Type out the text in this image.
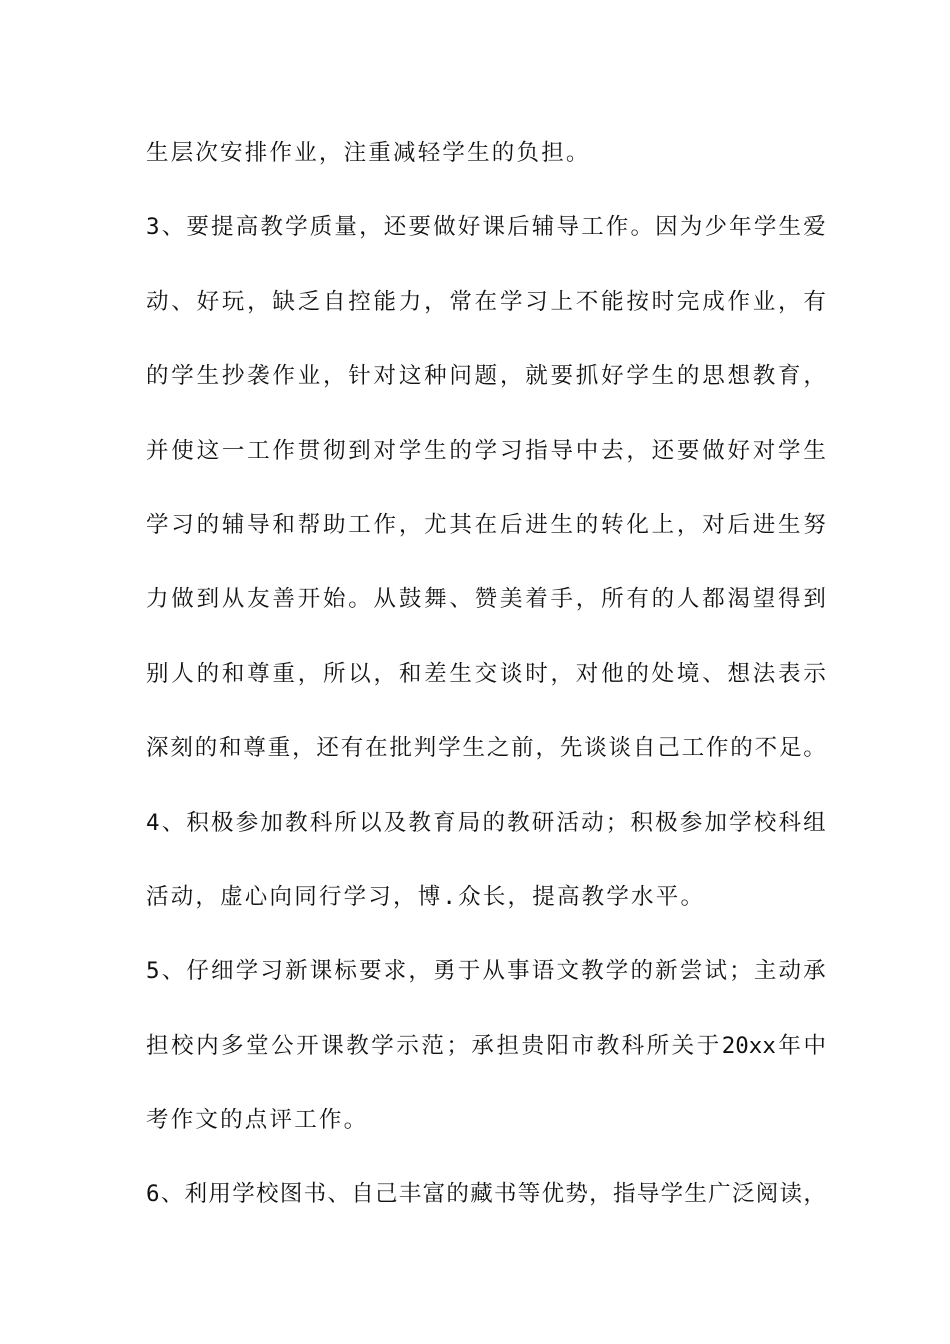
生层次安排作业，注重减轻学生的负担。
3 、 要 提 高 教 学 质 量 ， 还 要 做 好 课 后 辅 导 工 作 。 因 为 少 年 学 生 爱
动 、 好 玩 ， 缺 乏 自 控 能 力 ， 常 在 学 习 上 不 能 按 时 完 成 作 业 ， 有
的 学 生 抄 袭 作 业 ， 针 对 这 种 问 题 ， 就 要 抓 好 学 生 的 思 想 教 育 ，
并 使 这 一 工 作 贯 彻 到 对 学 生 的 学 习 指 导 中 去 ， 还 要 做 好 对 学 生
学 习 的 辅 导 和 帮 助 工 作 ， 尤 其 在 后 进 生 的 转 化 上 ， 对 后 进 生 努
力 做 到 从 友 善 开 始 。 从 鼓 舞 、 赞 美 着 手 ， 所 有 的 人 都 渴 望 得 到
别 人 的 和 尊 重 ， 所 以 ， 和 差 生 交 谈 时 ， 对 他 的 处 境 、 想 法 表 示
深 刻 的 和 尊 重 ， 还 有 在 批 判 学 生 之 前 ， 先 谈 谈 自 己 工 作 的 不 足 。
4 、 积 极 参 加 教 科 所 以 及 教 育 局 的 教 研 活 动 ； 积 极 参 加 学 校 科 组
活动，虚心向同行学习，博.众长，提高教学水平。
5 、 仔 细 学 习 新 课 标 要 求 ， 勇 于 从 事 语 文 教 学 的 新 尝 试 ； 主 动 承
担 校 内 多 堂 公 开 课 教 学 示 范 ； 承 担 贵 阳 市 教 科 所 关 于 20xx 年 中
考作文的点评工作。
6 、 利 用 学 校 图 书 、 自 己 丰 富 的 藏 书 等 优 势 ， 指 导 学 生 广 泛 阅 读 ，
